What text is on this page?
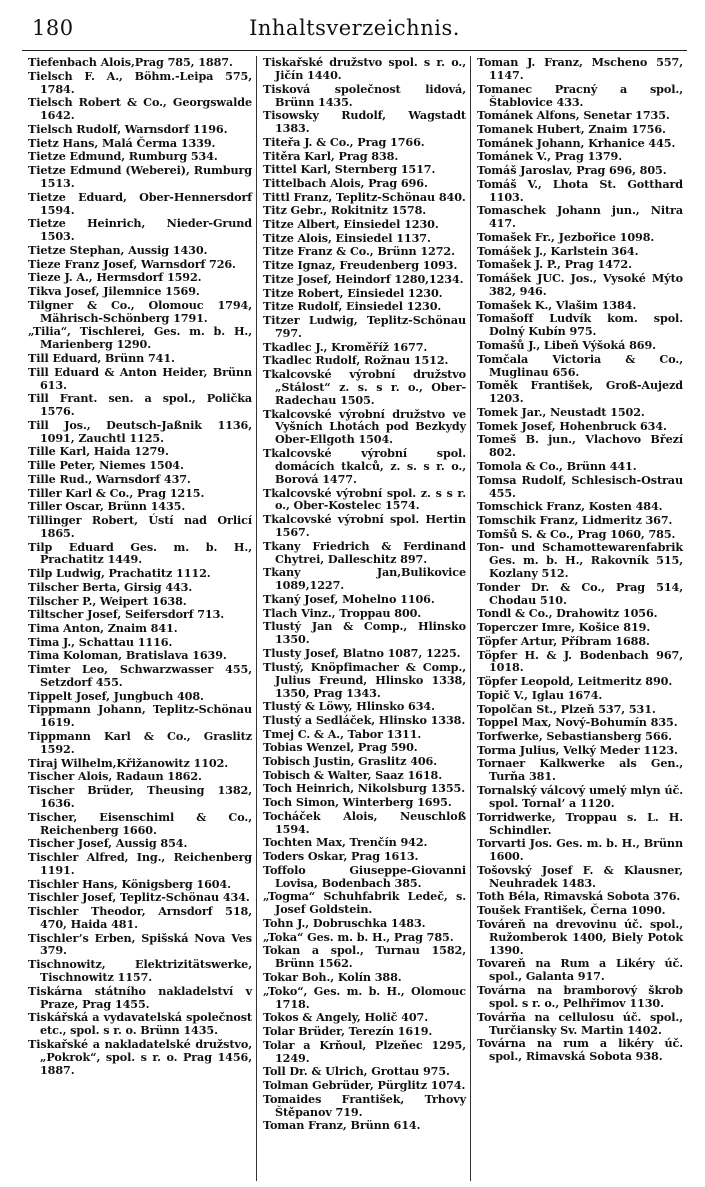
180	Inhaltsverzeichnis.
Tiefenbach Alois,Prag 785, 1887.
Tielsch F. A., Böhm.-Leipa 575, 1784.
Tielsch Robert & Co., Georgswalde 1642.
Tielsch Rudolf, Warnsdorf 1196.
Tietz Hans, Malá Čerma 1339.
Tietze Edmund, Rumburg 534.
Tietze Edmund (Weberei), Rumburg 1513.
Tietze Eduard, Ober-Hennersdorf 1594.
Tietze Heinrich, Nieder-Grund 1503.
Tietze Stephan, Aussig 1430.
Tieze Franz Josef, Warnsdorf 726.
Tieze J. A., Hermsdorf 1592.
Tikva Josef, Jilemnice 1569.
Tilgner & Co., Olomouc 1794, Mährisch-Schönberg 1791.
„Tilia“, Tischlerei, Ges. m. b. H., Marienberg 1290.
Till Eduard, Brünn 741.
Till Eduard & Anton Heider, Brünn 613.
Till Frant. sen. a spol., Polička 1576.
Till Jos., Deutsch-Jaßnik 1136, 1091, Zauchtl 1125.
Tille Karl, Haida 1279.
Tille Peter, Niemes 1504.
Tille Rud., Warnsdorf 437.
Tiller Karl & Co., Prag 1215.
Tiller Oscar, Brünn 1435.
Tillinger Robert, Ústí nad Orlicí 1865.
Tilp Eduard Ges. m. b. H., Prachatitz 1449.
Tilp Ludwig, Prachatitz 1112.
Tilscher Berta, Girsig 443.
Tilscher P., Weipert 1638.
Tiltscher Josef, Seifersdorf 713.
Tima Anton, Znaim 841.
Tima J., Schattau 1116.
Tima Koloman, Bratislava 1639.
Timter Leo, Schwarzwasser 455, Setzdorf 455.
Tippelt Josef, Jungbuch 408.
Tippmann Johann, Teplitz-Schönau 1619.
Tippmann Karl & Co., Graslitz 1592.
Tiraj Wilhelm,Křižanowitz 1102.
Tischer Alois, Radaun 1862.
Tischer Brüder, Theusing 1382, 1636.
Tischer, Eisenschiml & Co., Reichenberg 1660.
Tischer Josef, Aussig 854.
Tischler Alfred, Ing., Reichenberg 1191.
Tischler Hans, Königsberg 1604.
Tischler Josef, Teplitz-Schönau 434.
Tischler Theodor, Arnsdorf 518, 470, Haida 481.
Tischler’s Erben, Spišská Nova Ves 379.
Tischnowitz, Elektrizitätswerke, Tischnowitz 1157.
Tiskárna státního nakladelství v Praze, Prag 1455.
Tiskářská a vydavatelská společnost etc., spol. s r. o. Brünn 1435.
Tiskařské a nakladatelské družstvo, „Pokrok“, spol. s r. o. Prag 1456, 1887.
Tiskařské družstvo spol. s r. o., Jičín 1440.
Tisková společnost lidová, Brünn 1435.
Tisowsky Rudolf, Wagstadt 1383.
Titeřa J. & Co., Prag 1766.
Titěra Karl, Prag 838.
Tittel Karl, Sternberg 1517.
Tittelbach Alois, Prag 696.
Tittl Franz, Teplitz-Schönau 840.
Titz Gebr., Rokitnitz 1578.
Titze Albert, Einsiedel 1230.
Titze Alois, Einsiedel 1137.
Titze Franz & Co., Brünn 1272.
Titze Ignaz, Freudenberg 1093.
Titze Josef, Heindorf 1280,1234.
Titze Robert, Einsiedel 1230.
Titze Rudolf, Einsiedel 1230.
Titzer Ludwig, Teplitz-Schönau 797.
Tkadlec J., Kroměříž 1677.
Tkadlec Rudolf, Rožnau 1512.
Tkalcovské výrobní družstvo „Stálost“ z. s. s r. o., Ober-Radechau 1505.
Tkalcovské výrobní družstvo ve Vyšních Lhotách pod Bezkydy Ober-Ellgoth 1504.
Tkalcovské výrobní spol. domácích tkalců, z. s. s r. o., Borová 1477.
Tkalcovské výrobní spol. z. s s r. o., Ober-Kostelec 1574.
Tkalcovské výrobní spol. Hertin 1567.
Tkany Friedrich & Ferdinand Chytrei, Dalleschitz 897.
Tkany Jan,Bulikovice 1089,1227.
Tkaný Josef, Mohelno 1106.
Tlach Vinz., Troppau 800.
Tlustý Jan & Comp., Hlinsko 1350.
Tlusty Josef, Blatno 1087, 1225.
Tlustý, Knöpfimacher & Comp., Julius Freund, Hlinsko 1338, 1350, Prag 1343.
Tlustý & Löwy, Hlinsko 634.
Tlustý a Sedláček, Hlinsko 1338.
Tmej C. & A., Tabor 1311.
Tobias Wenzel, Prag 590.
Tobisch Justin, Graslitz 406.
Tobisch & Walter, Saaz 1618.
Toch Heinrich, Nikolsburg 1355.
Toch Simon, Winterberg 1695.
Tocháček Alois, Neuschloß 1594.
Tochten Max, Trenčín 942.
Toders Oskar, Prag 1613.
Toffolo Giuseppe-Giovanni Lovisa, Bodenbach 385.
„Togma“ Schuhfabrik Ledeč, s. Josef Goldstein.
Tohn J., Dobruschka 1483.
„Toka“ Ges. m. b. H., Prag 785.
Tokan a spol., Turnau 1582, Brünn 1562.
Tokar Boh., Kolín 388.
„Toko“, Ges. m. b. H., Olomouc 1718.
Tokos & Angely, Holič 407.
Tolar Brüder, Terezín 1619.
Tolar a Krňoul, Plzeňec 1295, 1249.
Toll Dr. & Ulrich, Grottau 975.
Tolman Gebrüder, Pürglitz 1074.
Tomaides František, Trhovy Štěpanov 719.
Toman Franz, Brünn 614.
Toman J. Franz, Mscheno 557, 1147.
Tomanec Pracný a spol., Štablovice 433.
Tománek Alfons, Senetar 1735.
Tomanek Hubert, Znaim 1756.
Tománek Johann, Krhanice 445.
Tománek V., Prag 1379.
Tomáš Jaroslav, Prag 696, 805.
Tomáš V., Lhota St. Gotthard 1103.
Tomaschek Johann jun., Nitra 417.
Tomašek Fr., Jezbořice 1098.
Tomášek J., Karlstein 364.
Tomašek J. P., Prag 1472.
Tomášek JUC. Jos., Vysoké Mýto 382, 946.
Tomašek K., Vlašim 1384.
Tomašoff Ludvík kom. spol. Dolný Kubín 975.
Tomašů J., Libeň Výšoká 869.
Tomčala Victoria & Co., Muglinau 656.
Toměk František, Groß-Aujezd 1203.
Tomek Jar., Neustadt 1502.
Tomek Josef, Hohenbruck 634.
Tomeš B. jun., Vlachovo Březí 802.
Tomola & Co., Brünn 441.
Tomsa Rudolf, Schlesisch-Ostrau 455.
Tomschick Franz, Kosten 484.
Tomschik Franz, Lidmeritz 367.
Tomšů S. & Co., Prag 1060, 785.
Ton- und Schamottewarenfabrik Ges. m. b. H., Rakovník 515, Kozlany 512.
Tonder Dr. & Co., Prag 514, Chodau 510.
Tondl & Co., Drahowitz 1056.
Toperczer Imre, Košice 819.
Töpfer Artur, Příbram 1688.
Töpfer H. & J. Bodenbach 967, 1018.
Töpfer Leopold, Leitmeritz 890.
Topič V., Iglau 1674.
Topolčan St., Plzeň 537, 531.
Toppel Max, Nový-Bohumín 835.
Torfwerke, Sebastiansberg 566.
Torma Julius, Velký Meder 1123.
Tornaer Kalkwerke als Gen., Turňa 381.
Tornalský válcový umelý mlyn úč. spol. Tornal’ a 1120.
Torridwerke, Troppau s. L. H. Schindler.
Torvarti Jos. Ges. m. b. H., Brünn 1600.
Tošovský Josef F. & Klausner, Neuhradek 1483.
Toth Béla, Rimavská Sobota 376.
Toušek František, Černa 1090.
Továreň na drevovinu úč. spol., Ružomberok 1400, Biely Potok 1390.
Tovareň na Rum a Likéry úč. spol., Galanta 917.
Továrna na bramborový škrob spol. s r. o., Pelhřimov 1130.
Továrňa na cellulosu úč. spol., Turčiansky Sv. Martin 1402.
Továrna na rum a likéry úč. spol., Rimavská Sobota 938.
